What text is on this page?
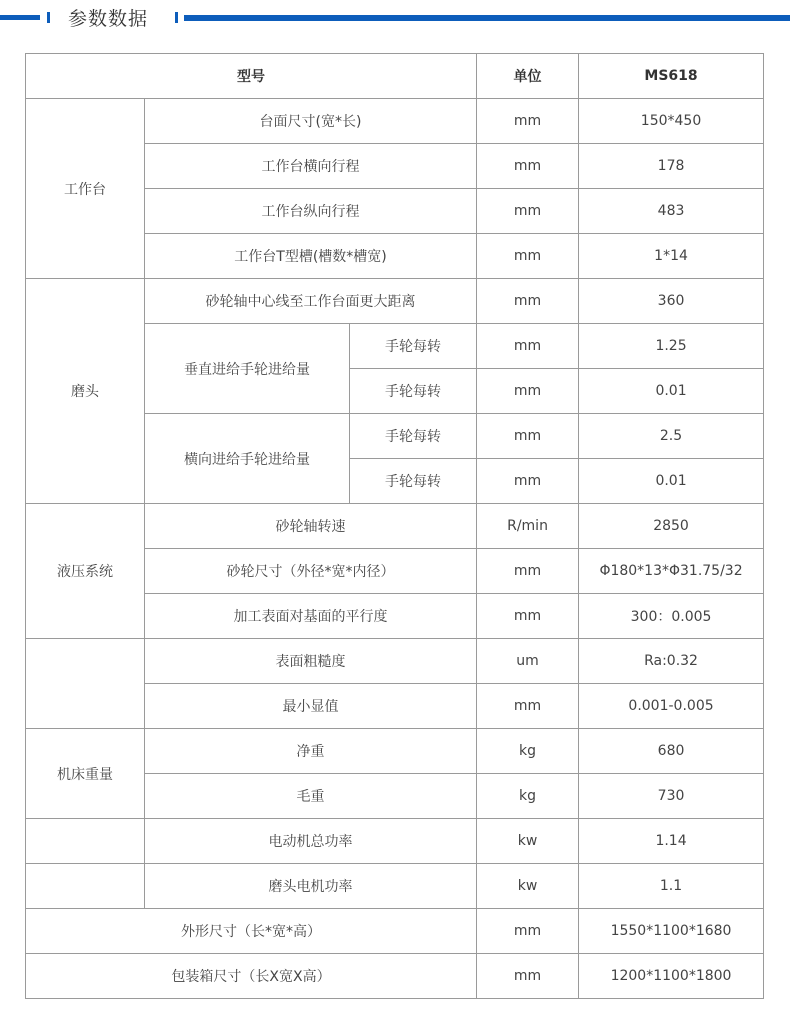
参数数据
型号			单位	MS618
工作台	台面尺寸(宽*长)		mm	150*450
	工作台横向行程		mm	178
	工作台纵向行程		mm	483
	工作台T型槽(槽数*槽宽)		mm	1*14
磨头	砂轮轴中心线至工作台面更大距离		mm	360
	垂直进给手轮进给量	手轮每转	mm	1.25
		手轮每转	mm	0.01
	横向进给手轮进给量	手轮每转	mm	2.5
		手轮每转	mm	0.01
液压系统	砂轮轴转速		R/min	2850
	砂轮尺寸（外径*宽*内径）		mm	Φ180*13*Φ31.75/32
	加工表面对基面的平行度		mm	300：0.005
	表面粗糙度		um	Ra:0.32
	最小显值		mm	0.001-0.005
机床重量	净重		kg	680
	毛重		kg	730
	电动机总功率		kw	1.14
	磨头电机功率		kw	1.1
外形尺寸（长*宽*高）			mm	1550*1100*1680
包装箱尺寸（长X宽X高）			mm	1200*1100*1800
